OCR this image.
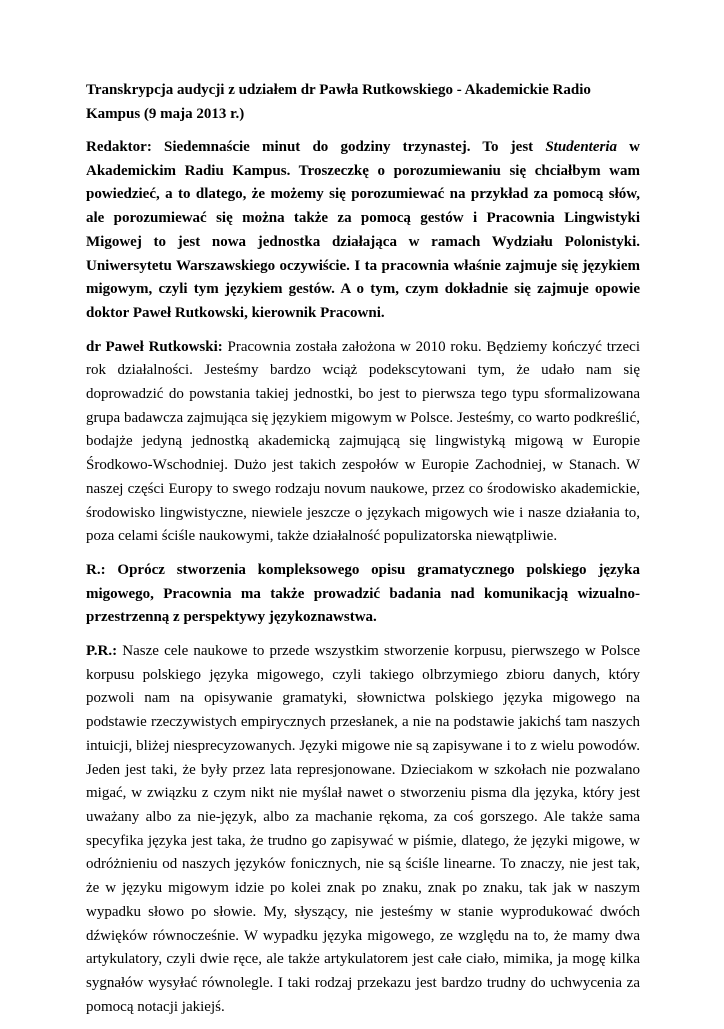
Transkrypcja audycji z udziałem dr Pawła Rutkowskiego - Akademickie Radio Kampus (9 maja 2013 r.)

Redaktor: Siedemnaście minut do godziny trzynastej. To jest Studenteria w Akademickim Radiu Kampus. Troszeczkę o porozumiewaniu się chciałbym wam powiedzieć, a to dlatego, że możemy się porozumiewać na przykład za pomocą słów, ale porozumiewać się można także za pomocą gestów i Pracownia Lingwistyki Migowej to jest nowa jednostka działająca w ramach Wydziału Polonistyki. Uniwersytetu Warszawskiego oczywiście. I ta pracownia właśnie zajmuje się językiem migowym, czyli tym językiem gestów. A o tym, czym dokładnie się zajmuje opowie doktor Paweł Rutkowski, kierownik Pracowni.

dr Paweł Rutkowski: Pracownia została założona w 2010 roku. Będziemy kończyć trzeci rok działalności. Jesteśmy bardzo wciąż podekscytowani tym, że udało nam się doprowadzić do powstania takiej jednostki, bo jest to pierwsza tego typu sformalizowana grupa badawcza zajmująca się językiem migowym w Polsce. Jesteśmy, co warto podkreślić, bodajże jedyną jednostką akademicką zajmującą się lingwistyką migową w Europie Środkowo-Wschodniej. Dużo jest takich zespołów w Europie Zachodniej, w Stanach. W naszej części Europy to swego rodzaju novum naukowe, przez co środowisko akademickie, środowisko lingwistyczne, niewiele jeszcze o językach migowych wie i nasze działania to, poza celami ściśle naukowymi, także działalność populizatorska niewątpliwie.

R.: Oprócz stworzenia kompleksowego opisu gramatycznego polskiego języka migowego, Pracownia ma także prowadzić badania nad komunikacją wizualno-przestrzenną z perspektywy językoznawstwa.

P.R.: Nasze cele naukowe to przede wszystkim stworzenie korpusu, pierwszego w Polsce korpusu polskiego języka migowego, czyli takiego olbrzymiego zbioru danych, który pozwoli nam na opisywanie gramatyki, słownictwa polskiego języka migowego na podstawie rzeczywistych empirycznych przesłanek, a nie na podstawie jakichś tam naszych intuicji, bliżej niesprecyzowanych. Języki migowe nie są zapisywane i to z wielu powodów. Jeden jest taki, że były przez lata represjonowane. Dzieciakom w szkołach nie pozwalano migać, w związku z czym nikt nie myślał nawet o stworzeniu pisma dla języka, który jest uważany albo za nie-język, albo za machanie rękoma, za coś gorszego. Ale także sama specyfika języka jest taka, że trudno go zapisywać w piśmie, dlatego, że języki migowe, w odróżnieniu od naszych języków fonicznych, nie są ściśle linearne. To znaczy, nie jest tak, że w języku migowym idzie po kolei znak po znaku, znak po znaku, tak jak w naszym wypadku słowo po słowie. My, słyszący, nie jesteśmy w stanie wyprodukować dwóch dźwięków równocześnie. W wypadku języka migowego, ze względu na to, że mamy dwa artykulatory, czyli dwie ręce, ale także artykulatorem jest całe ciało, mimika, ja mogę kilka sygnałów wysyłać równolegle. I taki rodzaj przekazu jest bardzo trudny do uchwycenia za pomocą notacji jakiejś.
